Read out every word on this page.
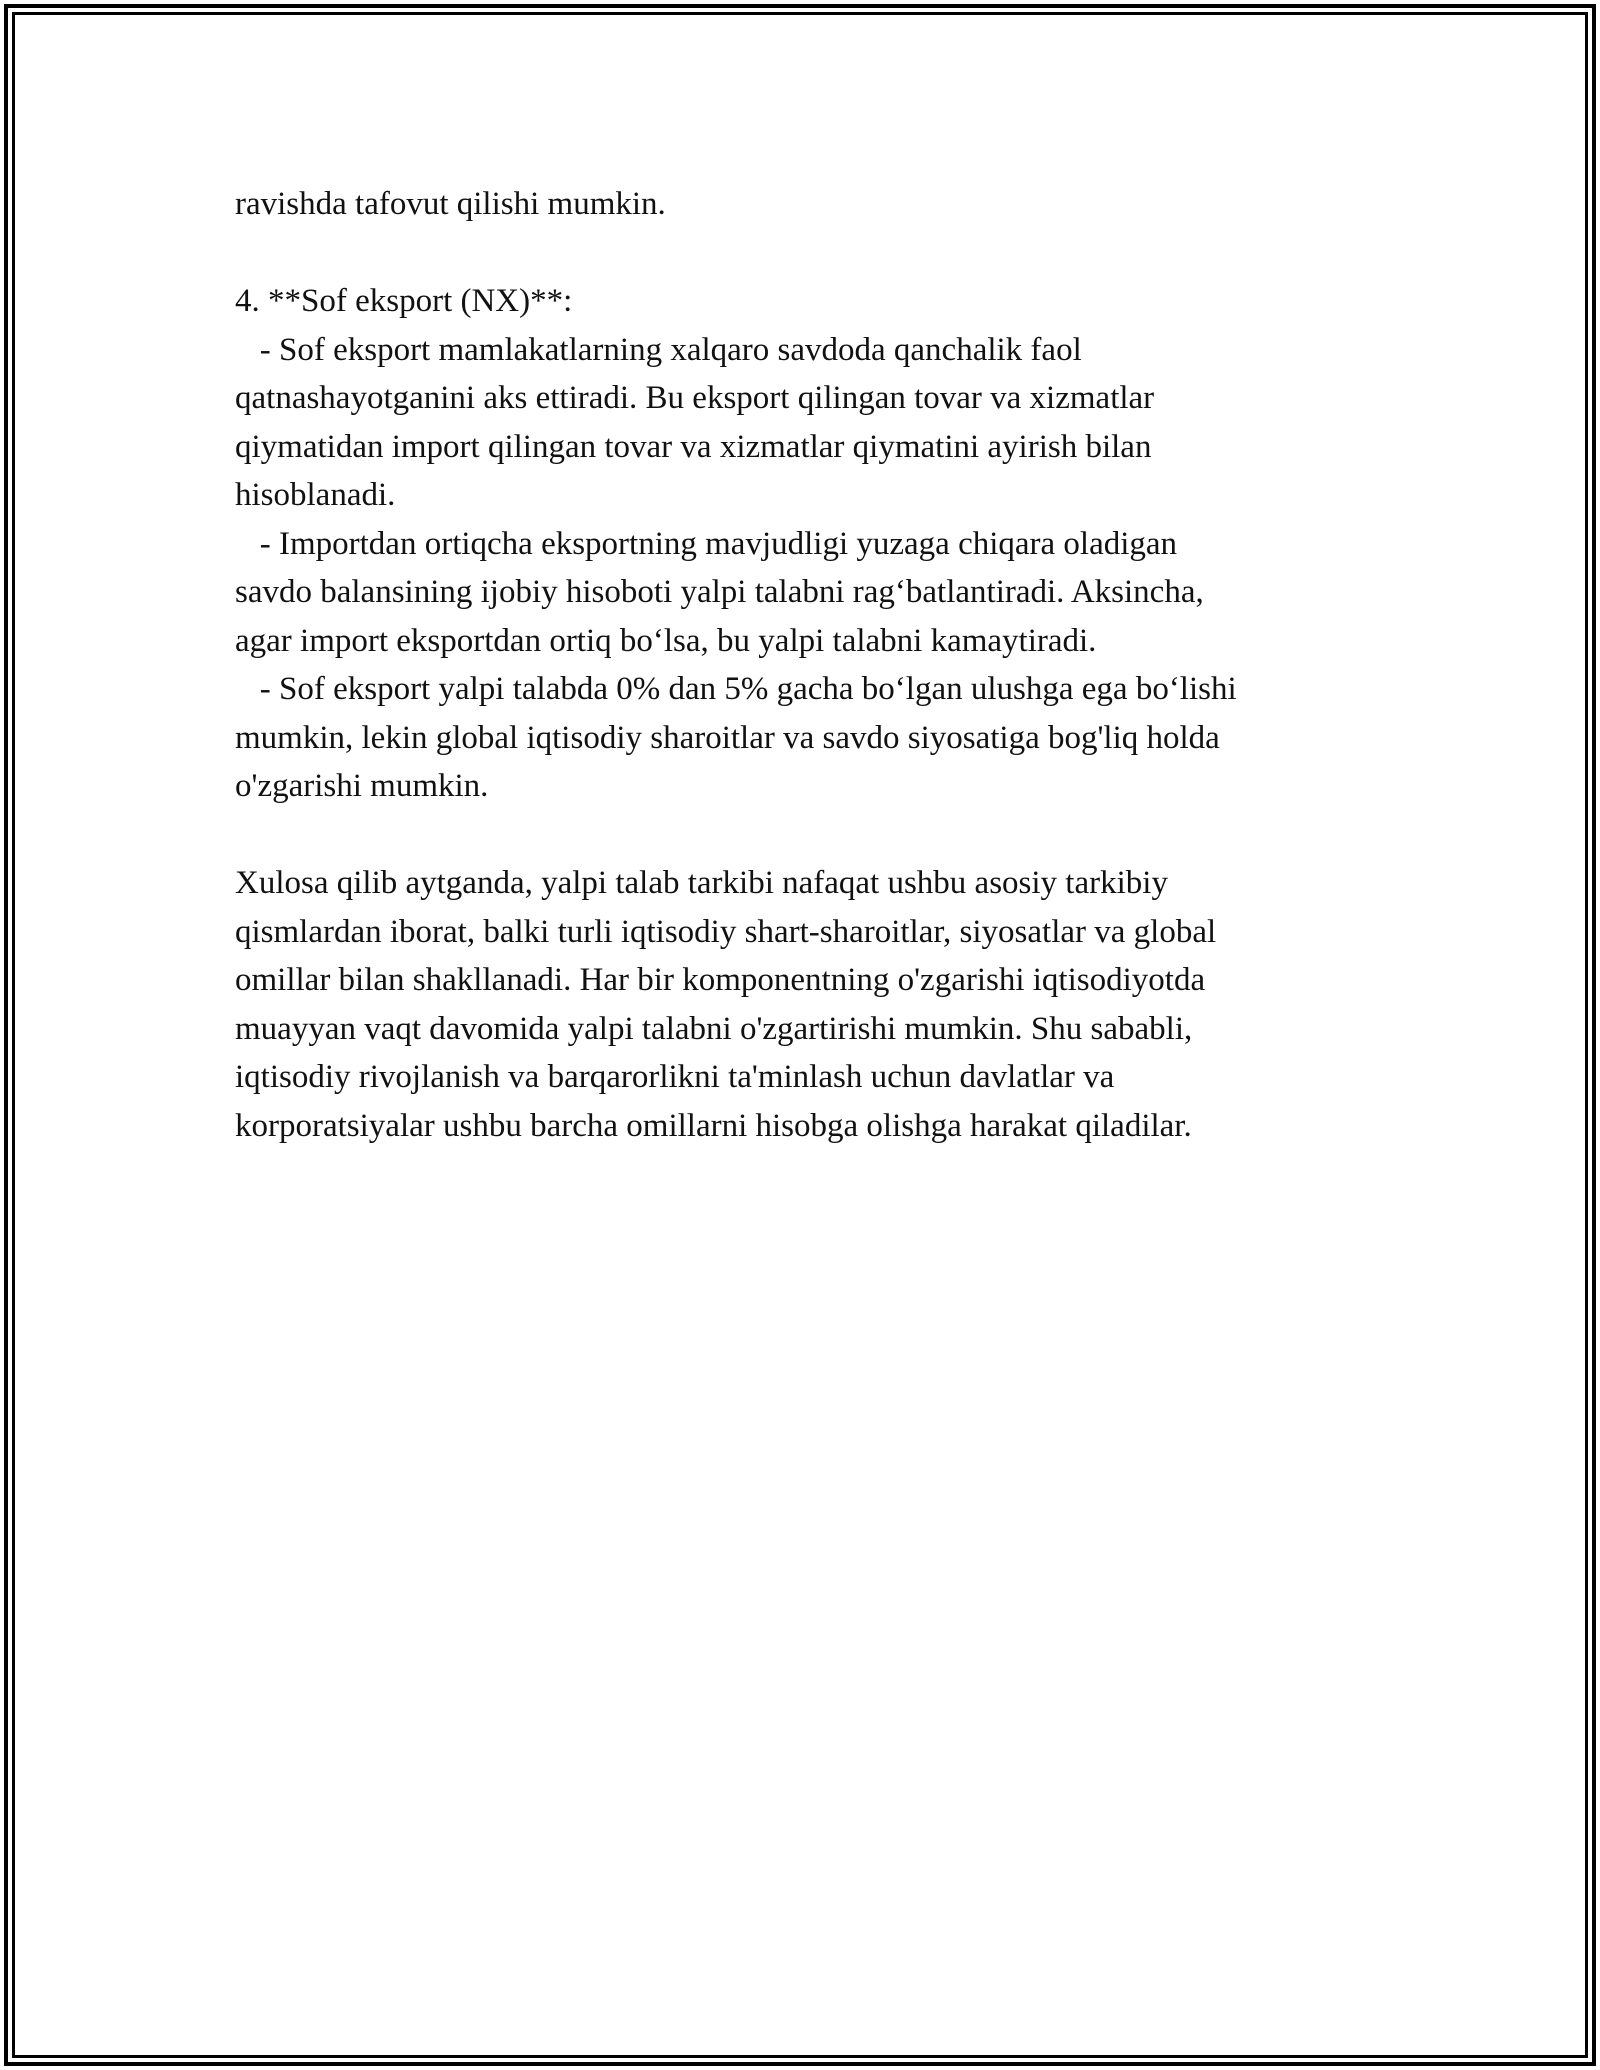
ravishda tafovut qilishi mumkin.
4. **Sof eksport (NX)**:
- Sof eksport mamlakatlarning xalqaro savdoda qanchalik faol
qatnashayotganini aks ettiradi. Bu eksport qilingan tovar va xizmatlar
qiymatidan import qilingan tovar va xizmatlar qiymatini ayirish bilan
hisoblanadi.
- Importdan ortiqcha eksportning mavjudligi yuzaga chiqara oladigan
savdo balansining ijobiy hisoboti yalpi talabni rag‘batlantiradi. Aksincha,
agar import eksportdan ortiq bo‘lsa, bu yalpi talabni kamaytiradi.
- Sof eksport yalpi talabda 0% dan 5% gacha bo‘lgan ulushga ega bo‘lishi
mumkin, lekin global iqtisodiy sharoitlar va savdo siyosatiga bog'liq holda
o'zgarishi mumkin.
Xulosa qilib aytganda, yalpi talab tarkibi nafaqat ushbu asosiy tarkibiy
qismlardan iborat, balki turli iqtisodiy shart-sharoitlar, siyosatlar va global
omillar bilan shakllanadi. Har bir komponentning o'zgarishi iqtisodiyotda
muayyan vaqt davomida yalpi talabni o'zgartirishi mumkin. Shu sababli,
iqtisodiy rivojlanish va barqarorlikni ta'minlash uchun davlatlar va
korporatsiyalar ushbu barcha omillarni hisobga olishga harakat qiladilar.
